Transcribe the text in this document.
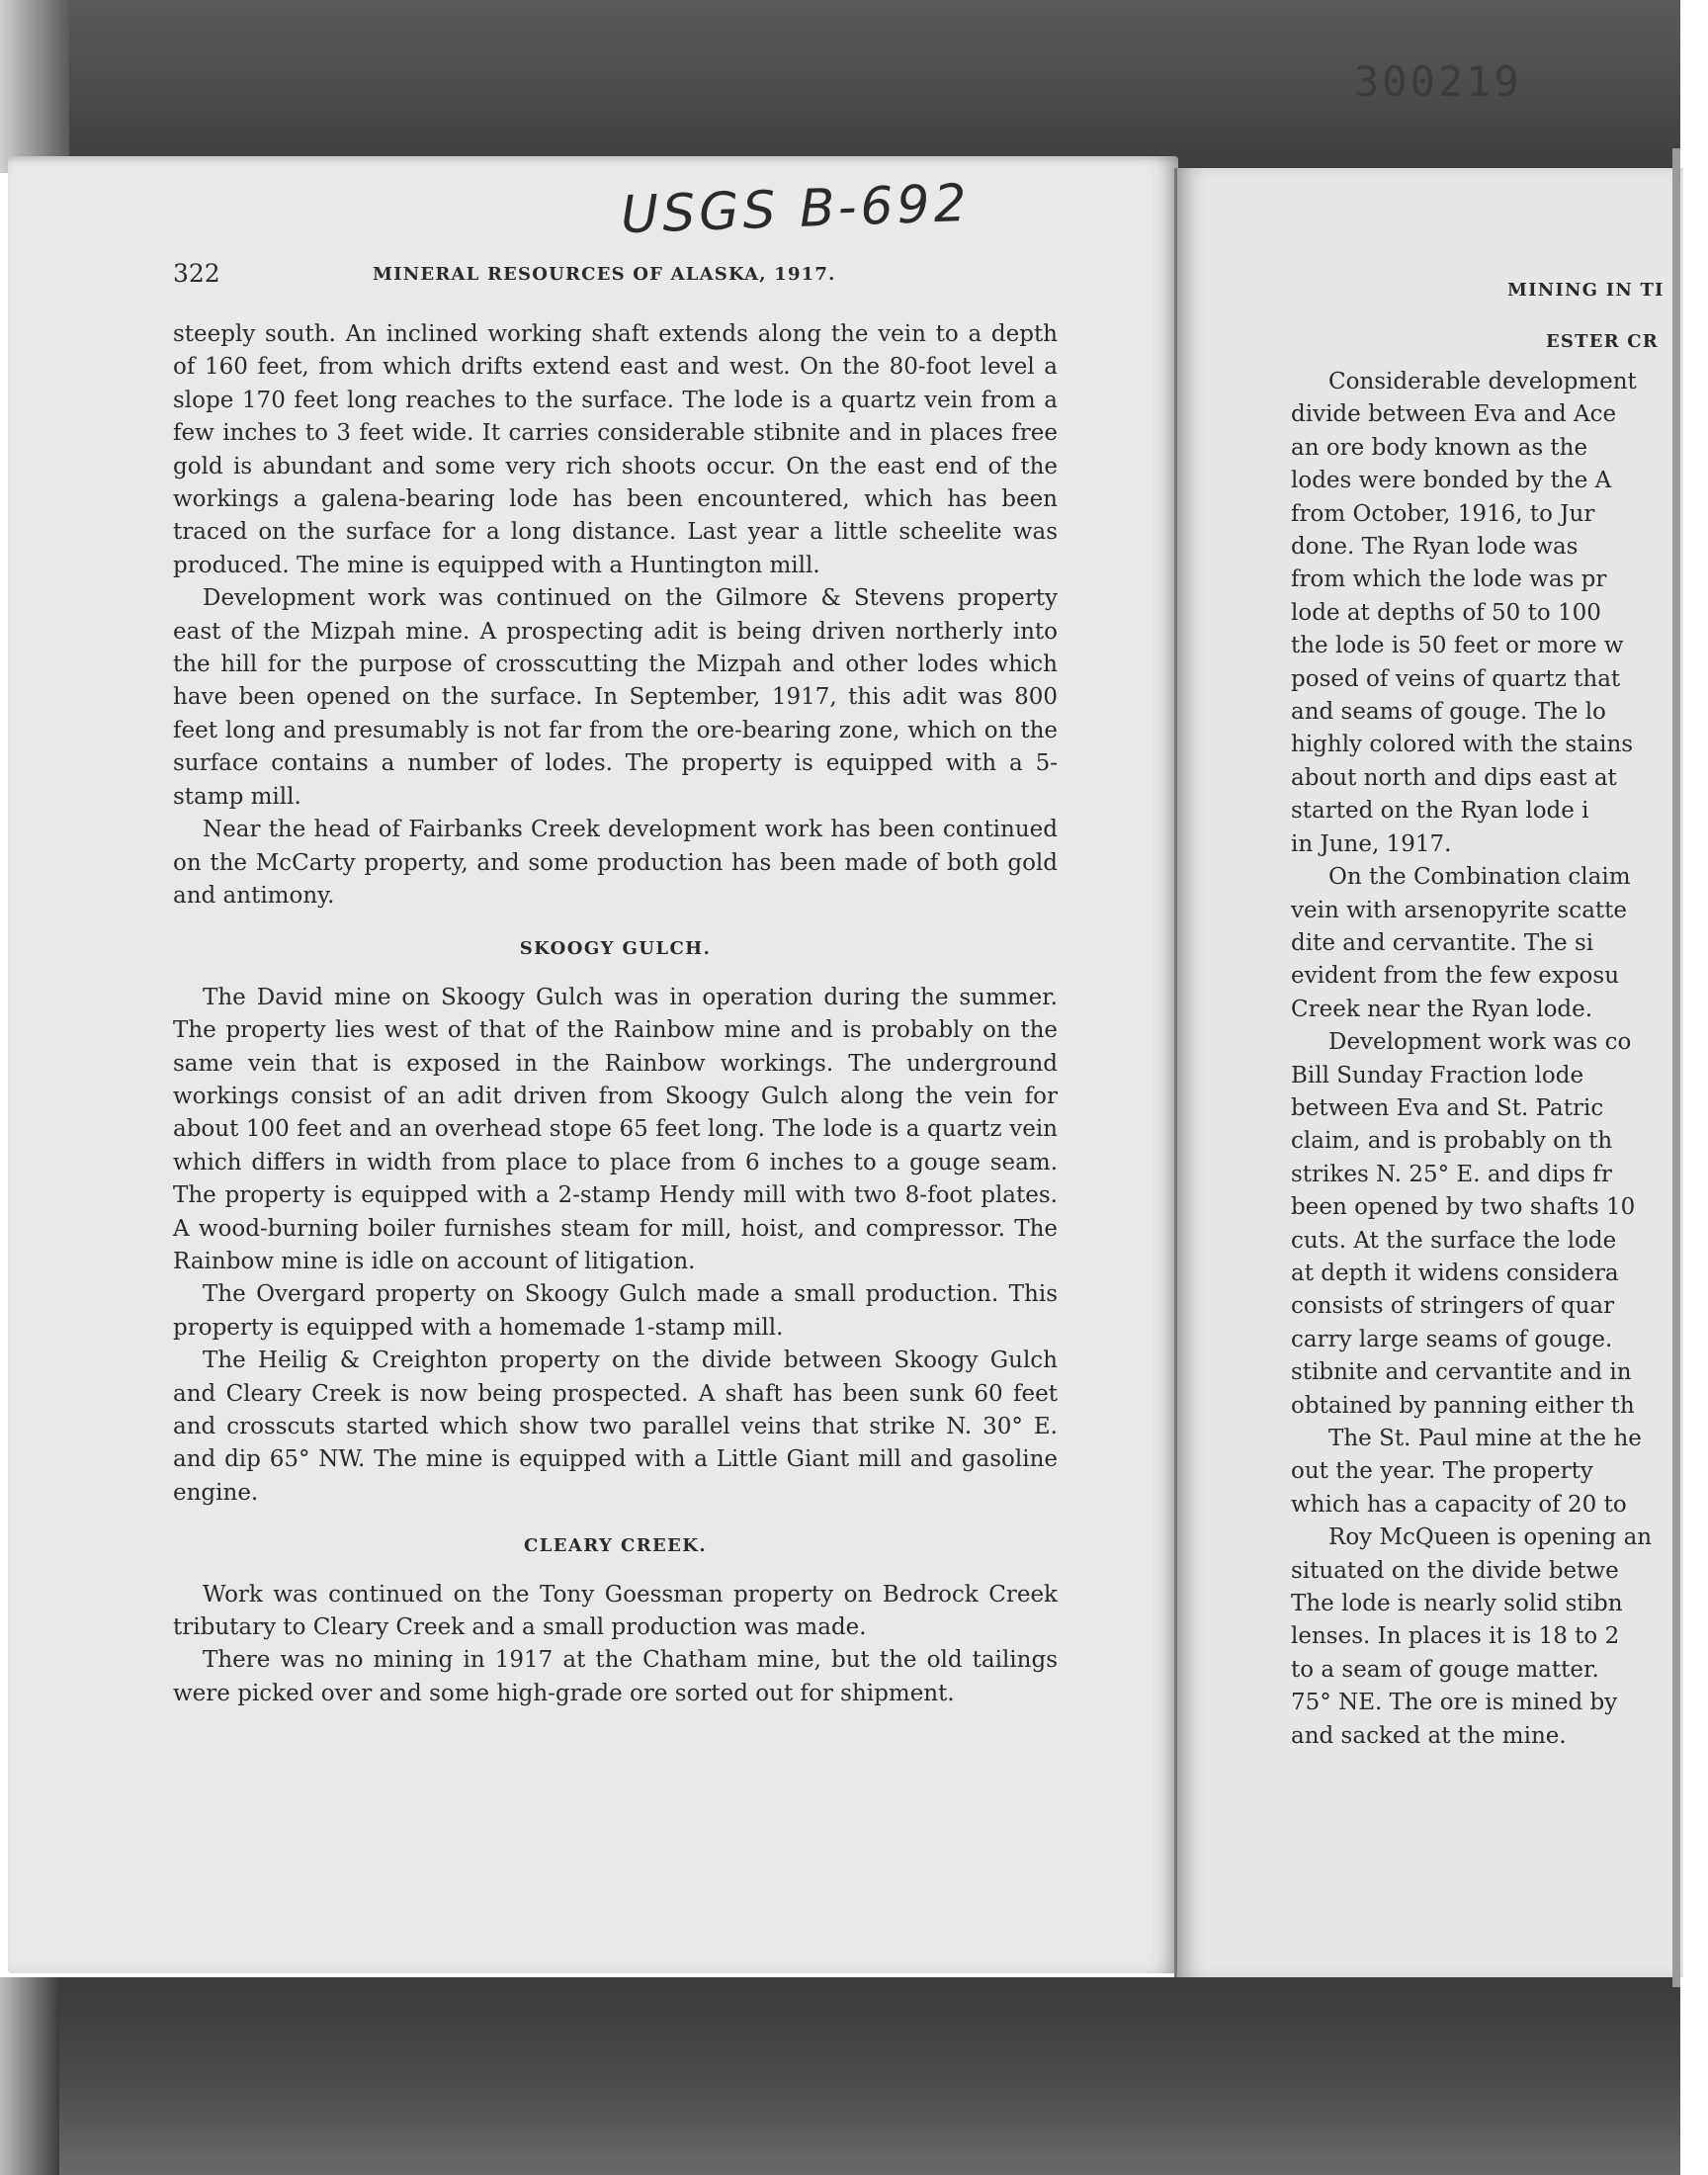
300219
USGS B-692
322	MINERAL RESOURCES OF ALASKA, 1917.

steeply south. An inclined working shaft extends along the vein to a depth of 160 feet, from which drifts extend east and west. On the 80-foot level a slope 170 feet long reaches to the surface. The lode is a quartz vein from a few inches to 3 feet wide. It carries considerable stibnite and in places free gold is abundant and some very rich shoots occur. On the east end of the workings a galena-bearing lode has been encountered, which has been traced on the surface for a long distance. Last year a little scheelite was produced. The mine is equipped with a Huntington mill.

Development work was continued on the Gilmore & Stevens property east of the Mizpah mine. A prospecting adit is being driven northerly into the hill for the purpose of crosscutting the Mizpah and other lodes which have been opened on the surface. In September, 1917, this adit was 800 feet long and presumably is not far from the ore-bearing zone, which on the surface contains a number of lodes. The property is equipped with a 5-stamp mill.

Near the head of Fairbanks Creek development work has been continued on the McCarty property, and some production has been made of both gold and antimony.

SKOOGY GULCH.

The David mine on Skoogy Gulch was in operation during the summer. The property lies west of that of the Rainbow mine and is probably on the same vein that is exposed in the Rainbow workings. The underground workings consist of an adit driven from Skoogy Gulch along the vein for about 100 feet and an overhead stope 65 feet long. The lode is a quartz vein which differs in width from place to place from 6 inches to a gouge seam. The property is equipped with a 2-stamp Hendy mill with two 8-foot plates. A wood-burning boiler furnishes steam for mill, hoist, and compressor. The Rainbow mine is idle on account of litigation.

The Overgard property on Skoogy Gulch made a small production. This property is equipped with a homemade 1-stamp mill.

The Heilig & Creighton property on the divide between Skoogy Gulch and Cleary Creek is now being prospected. A shaft has been sunk 60 feet and crosscuts started which show two parallel veins that strike N. 30° E. and dip 65° NW. The mine is equipped with a Little Giant mill and gasoline engine.

CLEARY CREEK.

Work was continued on the Tony Goessman property on Bedrock Creek tributary to Cleary Creek and a small production was made.

There was no mining in 1917 at the Chatham mine, but the old tailings were picked over and some high-grade ore sorted out for shipment.

MINING IN TI
ESTER CR

Considerable development

divide between Eva and Ace

an ore body known as the

lodes were bonded by the A

from October, 1916, to Jur

done. The Ryan lode was

from which the lode was pr

lode at depths of 50 to 100

the lode is 50 feet or more w

posed of veins of quartz that

and seams of gouge. The lo

highly colored with the stains

about north and dips east at

started on the Ryan lode i

in June, 1917.

On the Combination claim

vein with arsenopyrite scatte

dite and cervantite. The si

evident from the few exposu

Creek near the Ryan lode.

Development work was co

Bill Sunday Fraction lode

between Eva and St. Patric

claim, and is probably on th

strikes N. 25° E. and dips fr

been opened by two shafts 10

cuts. At the surface the lode

at depth it widens considera

consists of stringers of quar

carry large seams of gouge.

stibnite and cervantite and in

obtained by panning either th

The St. Paul mine at the he

out the year. The property

which has a capacity of 20 to

Roy McQueen is opening an

situated on the divide betwe

The lode is nearly solid stibn

lenses. In places it is 18 to 2

to a seam of gouge matter.

75° NE. The ore is mined by

and sacked at the mine.
